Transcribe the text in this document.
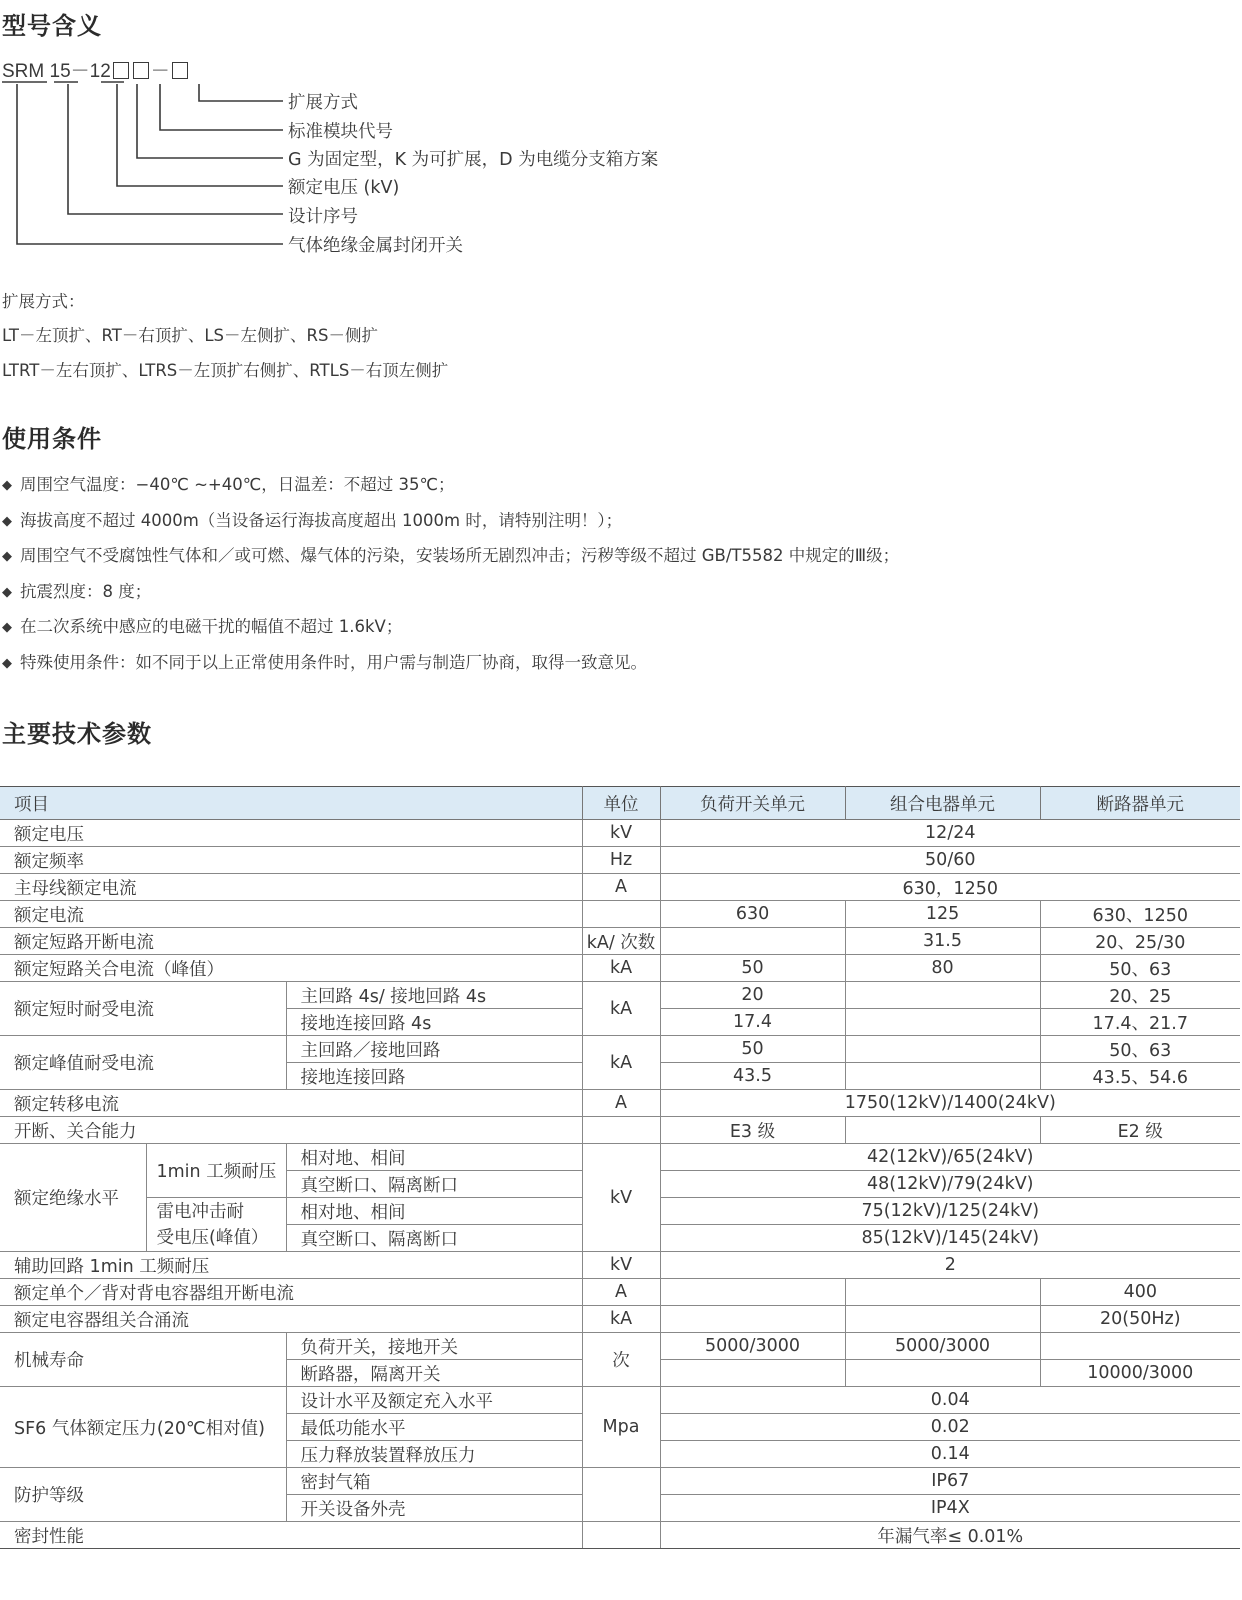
型号含义
SRM 15－12 －
扩展方式
标准模块代号
G 为固定型，K 为可扩展，D 为电缆分支箱方案
额定电压 (kV)
设计序号
气体绝缘金属封闭开关
扩展方式：
LT－左顶扩、RT－右顶扩、LS－左侧扩、RS－侧扩
LTRT－左右顶扩、LTRS－左顶扩右侧扩、RTLS－右顶左侧扩
使用条件
◆ 周围空气温度：−40℃ ~+40℃，日温差：不超过 35℃；
◆ 海拔高度不超过 4000m（当设备运行海拔高度超出 1000m 时，请特别注明！）；
◆ 周围空气不受腐蚀性气体和／或可燃、爆气体的污染，安装场所无剧烈冲击；污秽等级不超过 GB/T5582 中规定的Ⅲ级；
◆ 抗震烈度：8 度；
◆ 在二次系统中感应的电磁干扰的幅值不超过 1.6kV；
◆ 特殊使用条件：如不同于以上正常使用条件时，用户需与制造厂协商，取得一致意见。
主要技术参数
项目			单位	负荷开关单元	组合电器单元	断路器单元
额定电压			kV	12/24		
额定频率			Hz	50/60		
主母线额定电流			A	630，1250		
额定电流				630	125	630、1250
额定短路开断电流			kA/ 次数		31.5	20、25/30
额定短路关合电流（峰值）			kA	50	80	50、63
额定短时耐受电流		主回路 4s/ 接地回路 4s	kA	20		20、25
		接地连接回路 4s		17.4		17.4、21.7
额定峰值耐受电流		主回路／接地回路	kA	50		50、63
		接地连接回路		43.5		43.5、54.6
额定转移电流			A	1750(12kV)/1400(24kV)		
开断、关合能力				E3 级		E2 级
额定绝缘水平	1min 工频耐压	相对地、相间	kV	42(12kV)/65(24kV)		
		真空断口、隔离断口		48(12kV)/79(24kV)		

	雷电冲击耐
受电压(峰值）	相对地、相间		75(12kV)/125(24kV)		
		真空断口、隔离断口		85(12kV)/145(24kV)		
辅助回路 1min 工频耐压			kV	2		
额定单个／背对背电容器组开断电流			A			400
额定电容器组关合涌流			kA			20(50Hz)
机械寿命		负荷开关，接地开关	次	5000/3000	5000/3000	
		断路器，隔离开关				10000/3000
SF6 气体额定压力(20℃相对值)		设计水平及额定充入水平	Mpa	0.04		
		最低功能水平		0.02		
		压力释放装置释放压力		0.14		
防护等级		密封气箱		IP67		
		开关设备外壳		IP4X		
密封性能				年漏气率≤ 0.01%		
